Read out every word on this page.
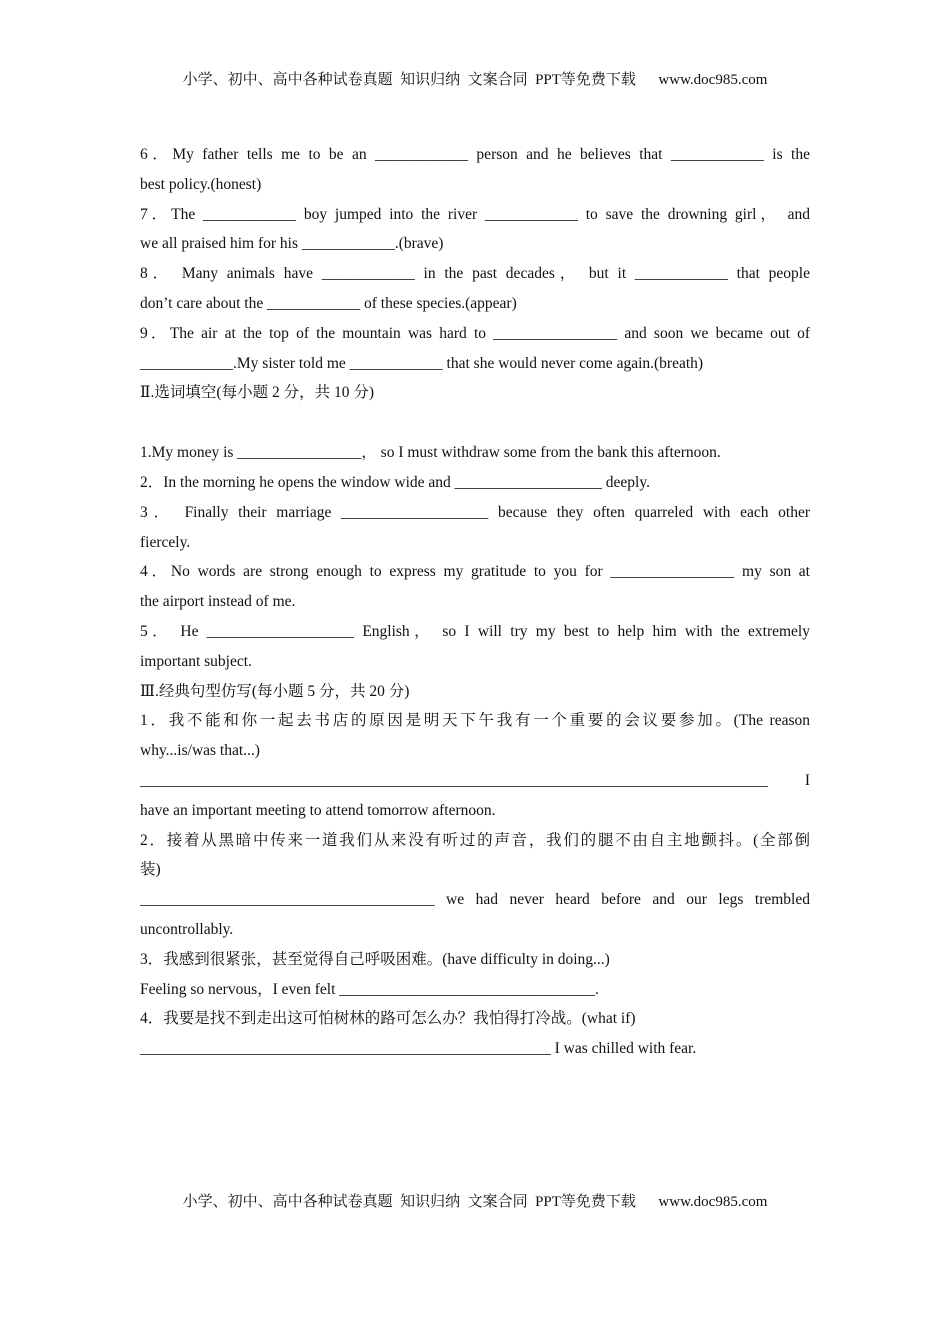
小学、初中、高中各种试卷真题  知识归纳  文案合同  PPT等免费下载      www.doc985.com
6．My father tells me to be an ____________ person and he believes that ____________ is the
best policy.(honest)
7．The ____________ boy jumped into the river ____________ to save the drowning girl， and
we all praised him for his ____________.(brave)
8． Many animals have ____________ in the past decades， but it ____________ that people
don’t care about the ____________ of these species.(appear)
9．The air at the top of the mountain was hard to ________________ and soon we became out of
____________.My sister told me ____________ that she would never come again.(breath)
Ⅱ.选词填空(每小题 2 分，共 10 分)
1.My money is ________________， so I must withdraw some from the bank this afternoon.
2．In the morning he opens the window wide and ___________________ deeply.
3． Finally their marriage ___________________ because they often quarreled with each other
fiercely.
4．No words are strong enough to express my gratitude to you for ________________ my son at
the airport instead of me.
5． He ___________________ English， so I will try my best to help him with the extremely
important subject.
Ⅲ.经典句型仿写(每小题 5 分，共 20 分)
1．我不能和你一起去书店的原因是明天下午我有一个重要的会议要参加。(The reason
why...is/was that...)
_________________________________________________________________________________ I
have an important meeting to attend tomorrow afternoon.
2．接着从黑暗中传来一道我们从来没有听过的声音，我们的腿不由自主地颤抖。(全部倒
装)
______________________________________ we had never heard before and our legs trembled
uncontrollably.
3．我感到很紧张，甚至觉得自己呼吸困难。(have difficulty in doing...)
Feeling so nervous，I even felt _________________________________.
4．我要是找不到走出这可怕树林的路可怎么办？我怕得打冷战。(what if)
_____________________________________________________ I was chilled with fear.
小学、初中、高中各种试卷真题  知识归纳  文案合同  PPT等免费下载      www.doc985.com
